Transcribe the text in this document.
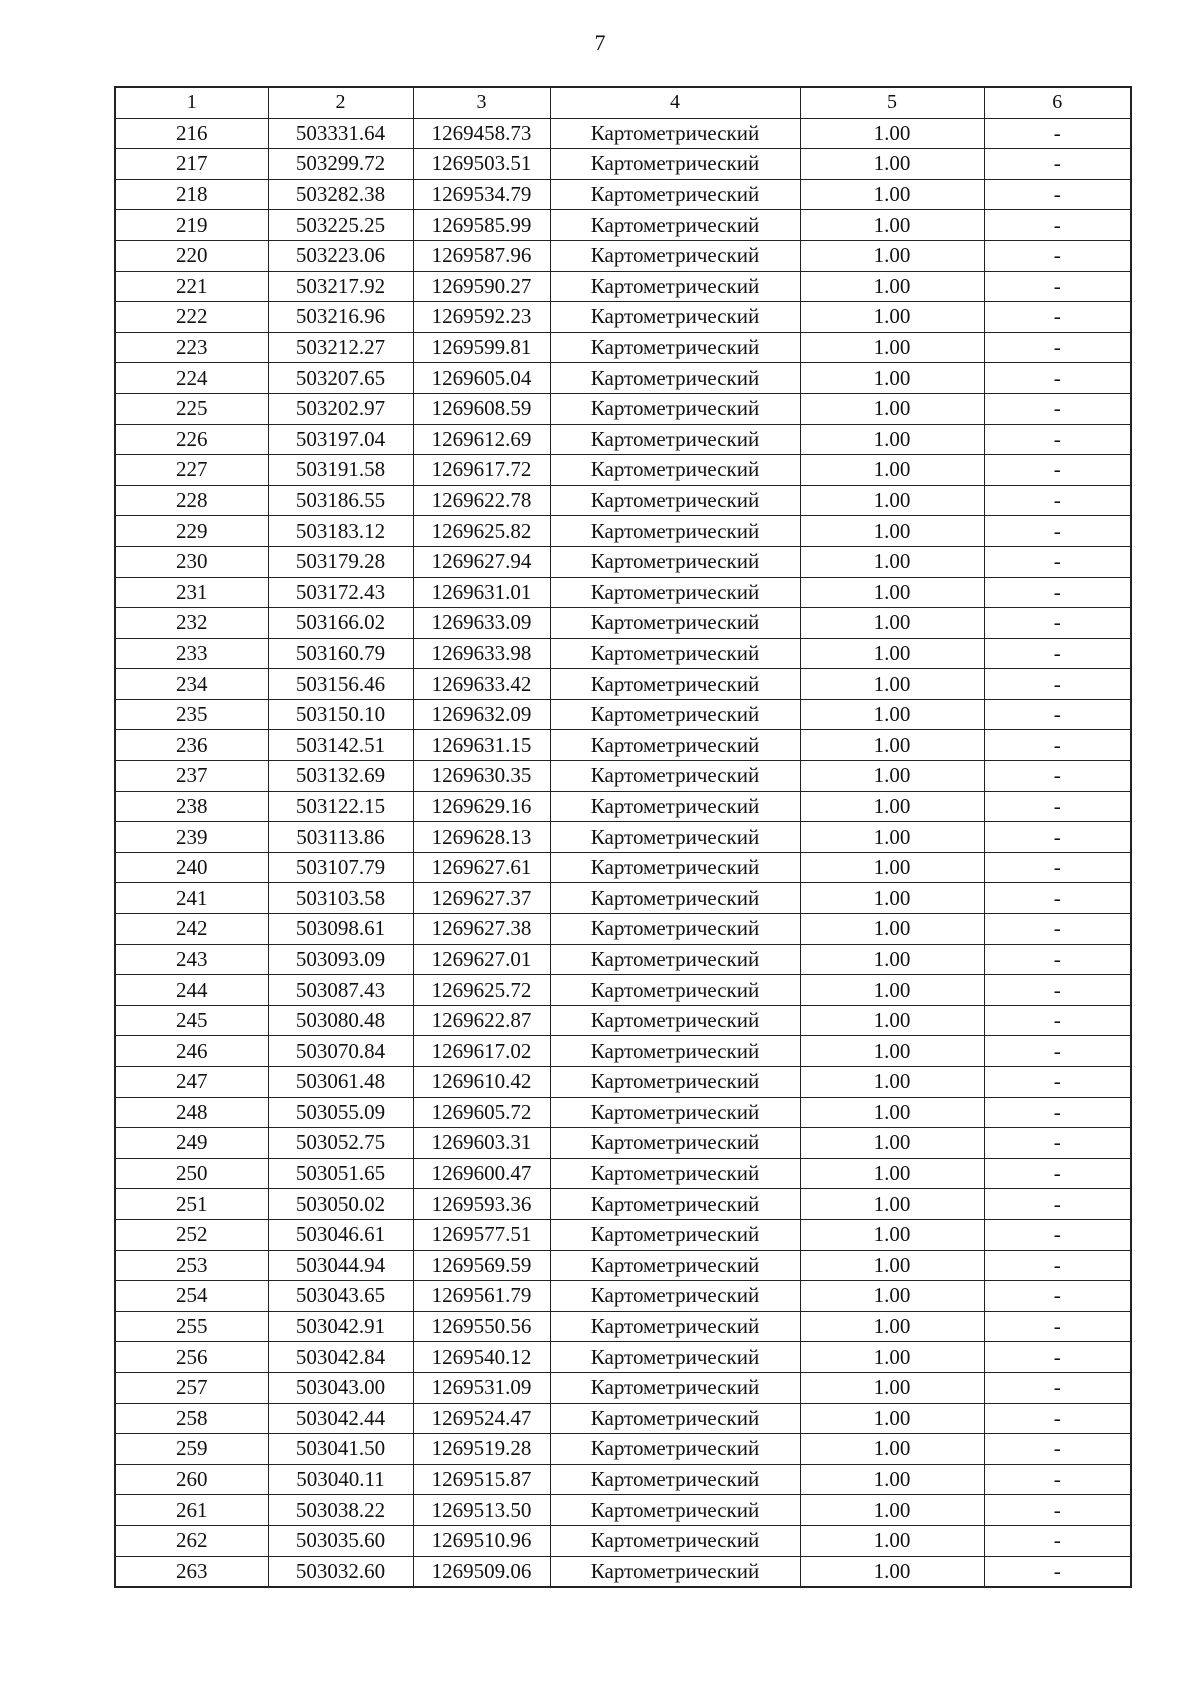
7
1	2	3	4	5	6
216	503331.64	1269458.73	Картометрический	1.00	-
217	503299.72	1269503.51	Картометрический	1.00	-
218	503282.38	1269534.79	Картометрический	1.00	-
219	503225.25	1269585.99	Картометрический	1.00	-
220	503223.06	1269587.96	Картометрический	1.00	-
221	503217.92	1269590.27	Картометрический	1.00	-
222	503216.96	1269592.23	Картометрический	1.00	-
223	503212.27	1269599.81	Картометрический	1.00	-
224	503207.65	1269605.04	Картометрический	1.00	-
225	503202.97	1269608.59	Картометрический	1.00	-
226	503197.04	1269612.69	Картометрический	1.00	-
227	503191.58	1269617.72	Картометрический	1.00	-
228	503186.55	1269622.78	Картометрический	1.00	-
229	503183.12	1269625.82	Картометрический	1.00	-
230	503179.28	1269627.94	Картометрический	1.00	-
231	503172.43	1269631.01	Картометрический	1.00	-
232	503166.02	1269633.09	Картометрический	1.00	-
233	503160.79	1269633.98	Картометрический	1.00	-
234	503156.46	1269633.42	Картометрический	1.00	-
235	503150.10	1269632.09	Картометрический	1.00	-
236	503142.51	1269631.15	Картометрический	1.00	-
237	503132.69	1269630.35	Картометрический	1.00	-
238	503122.15	1269629.16	Картометрический	1.00	-
239	503113.86	1269628.13	Картометрический	1.00	-
240	503107.79	1269627.61	Картометрический	1.00	-
241	503103.58	1269627.37	Картометрический	1.00	-
242	503098.61	1269627.38	Картометрический	1.00	-
243	503093.09	1269627.01	Картометрический	1.00	-
244	503087.43	1269625.72	Картометрический	1.00	-
245	503080.48	1269622.87	Картометрический	1.00	-
246	503070.84	1269617.02	Картометрический	1.00	-
247	503061.48	1269610.42	Картометрический	1.00	-
248	503055.09	1269605.72	Картометрический	1.00	-
249	503052.75	1269603.31	Картометрический	1.00	-
250	503051.65	1269600.47	Картометрический	1.00	-
251	503050.02	1269593.36	Картометрический	1.00	-
252	503046.61	1269577.51	Картометрический	1.00	-
253	503044.94	1269569.59	Картометрический	1.00	-
254	503043.65	1269561.79	Картометрический	1.00	-
255	503042.91	1269550.56	Картометрический	1.00	-
256	503042.84	1269540.12	Картометрический	1.00	-
257	503043.00	1269531.09	Картометрический	1.00	-
258	503042.44	1269524.47	Картометрический	1.00	-
259	503041.50	1269519.28	Картометрический	1.00	-
260	503040.11	1269515.87	Картометрический	1.00	-
261	503038.22	1269513.50	Картометрический	1.00	-
262	503035.60	1269510.96	Картометрический	1.00	-
263	503032.60	1269509.06	Картометрический	1.00	-
